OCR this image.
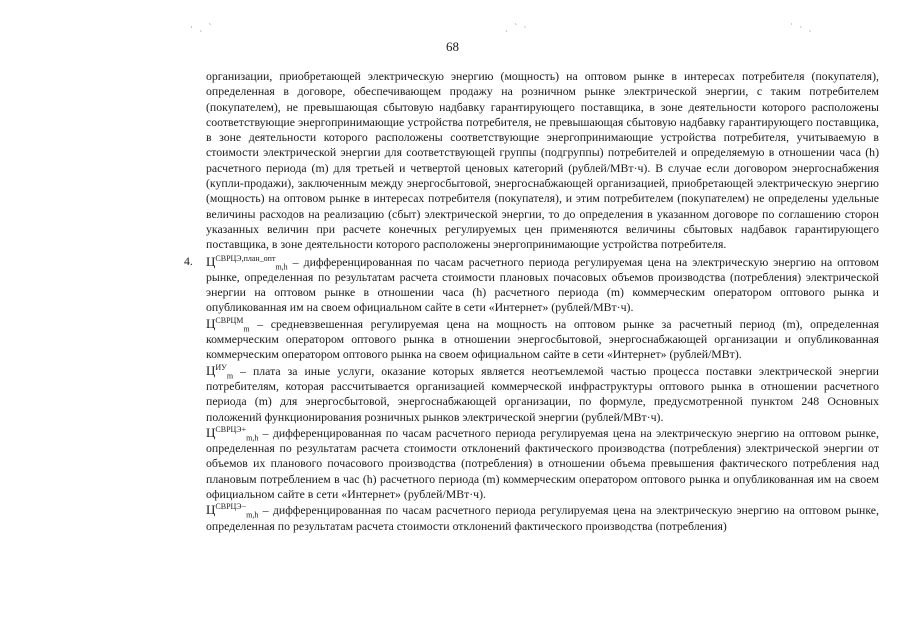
· ˎ ˋ	ˎ ˋ ·	˙ · ˎ
68

организации, приобретающей электрическую энергию (мощность) на оптовом рынке в интересах потребителя (покупателя), определенная в договоре, обеспечивающем продажу на розничном рынке электрической энергии, с таким потребителем (покупателем), не превышающая сбытовую надбавку гарантирующего поставщика, в зоне деятельности которого расположены соответствующие энергопринимающие устройства потребителя, не превышающая сбытовую надбавку гарантирующего поставщика, в зоне деятельности которого расположены соответствующие энергопринимающие устройства потребителя, учитываемую в стоимости электрической энергии для соответствующей группы (подгруппы) потребителей и определяемую в отношении часа (h) расчетного периода (m) для третьей и четвертой ценовых категорий (рублей/МВт·ч). В случае если договором энергоснабжения (купли-продажи), заключенным между энергосбытовой, энергоснабжающей организацией, приобретающей электрическую энергию (мощность) на оптовом рынке в интересах потребителя (покупателя), и этим потребителем (покупателем) не определены удельные величины расходов на реализацию (сбыт) электрической энергии, то до определения в указанном договоре по соглашению сторон указанных величин при расчете конечных регулируемых цен применяются величины сбытовых надбавок гарантирующего поставщика, в зоне деятельности которого расположены энергопринимающие устройства потребителя.

4. $Ц^{СВРЦЭ,план\_опт}_{m,h}$ – дифференцированная по часам расчетного периода регулируемая цена на электрическую энергию на оптовом рынке, определенная по результатам расчета стоимости плановых почасовых объемов производства (потребления) электрической энергии на оптовом рынке в отношении часа (h) расчетного периода (m) коммерческим оператором оптового рынка и опубликованная им на своем официальном сайте в сети «Интернет» (рублей/МВт·ч).

$Ц^{СВРЦМ}_m$ – средневзвешенная регулируемая цена на мощность на оптовом рынке за расчетный период (m), определенная коммерческим оператором оптового рынка в отношении энергосбытовой, энергоснабжающей организации и опубликованная коммерческим оператором оптового рынка на своем официальном сайте в сети «Интернет» (рублей/МВт).

$Ц^{ИУ}_m$ – плата за иные услуги, оказание которых является неотъемлемой частью процесса поставки электрической энергии потребителям, которая рассчитывается организацией коммерческой инфраструктуры оптового рынка в отношении расчетного периода (m) для энергосбытовой, энергоснабжающей организации, по формуле, предусмотренной пунктом 248 Основных положений функционирования розничных рынков электрической энергии (рублей/МВт·ч).

$Ц^{СВРЦЭ+}_{m,h}$ – дифференцированная по часам расчетного периода регулируемая цена на электрическую энергию на оптовом рынке, определенная по результатам расчета стоимости отклонений фактического производства (потребления) электрической энергии от объемов их планового почасового производства (потребления) в отношении объема превышения фактического потребления над плановым потреблением в час (h) расчетного периода (m) коммерческим оператором оптового рынка и опубликованная им на своем официальном сайте в сети «Интернет» (рублей/МВт·ч).

$Ц^{СВРЦЭ-}_{m,h}$ – дифференцированная по часам расчетного периода регулируемая цена на электрическую энергию на оптовом рынке, определенная по результатам расчета стоимости отклонений фактического производства (потребления)
